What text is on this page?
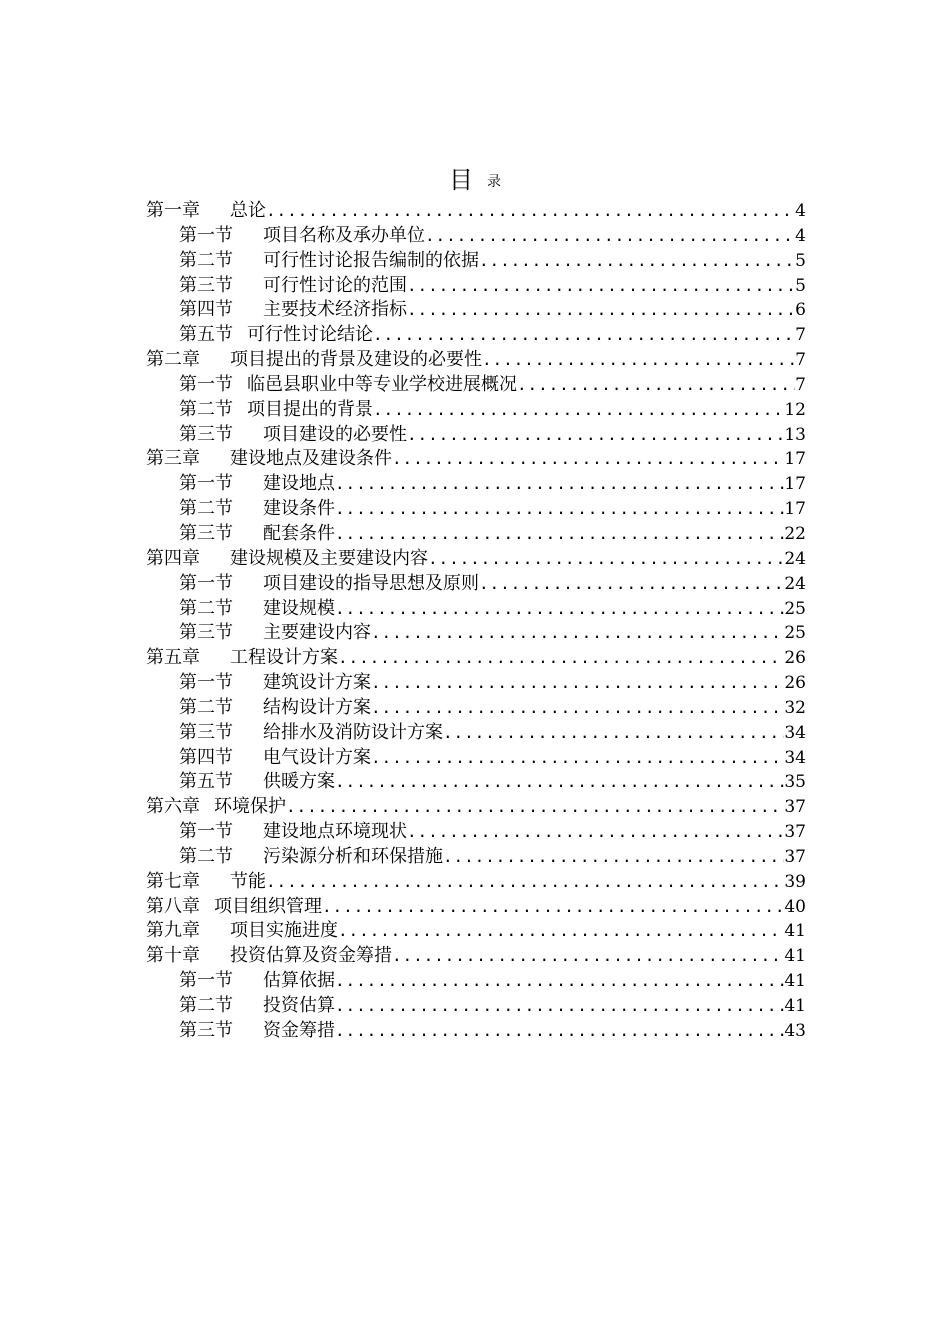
目 录
第一章 总论 .....	4
第一节 项目名称及承办单位 .....	4
第二节 可行性讨论报告编制的依据 .....	5
第三节 可行性讨论的范围 .....	5
第四节 主要技术经济指标 .....	6
第五节 可行性讨论结论 .....	7
第二章 项目提出的背景及建设的必要性 .....	7
第一节 临邑县职业中等专业学校进展概况 .....	7
第二节 项目提出的背景 .....	12
第三节 项目建设的必要性 .....	13
第三章 建设地点及建设条件 .....	17
第一节 建设地点 .....	17
第二节 建设条件 .....	17
第三节 配套条件 .....	22
第四章 建设规模及主要建设内容 .....	24
第一节 项目建设的指导思想及原则 .....	24
第二节 建设规模 .....	25
第三节 主要建设内容 .....	25
第五章 工程设计方案 .....	26
第一节 建筑设计方案 .....	26
第二节 结构设计方案 .....	32
第三节 给排水及消防设计方案 .....	34
第四节 电气设计方案 .....	34
第五节 供暖方案 .....	35
第六章 环境保护 .....	37
第一节 建设地点环境现状 .....	37
第二节 污染源分析和环保措施 .....	37
第七章 节能 .....	39
第八章 项目组织管理 .....	40
第九章 项目实施进度 .....	41
第十章 投资估算及资金筹措 .....	41
第一节 估算依据 .....	41
第二节 投资估算 .....	41
第三节 资金筹措 .....	43
